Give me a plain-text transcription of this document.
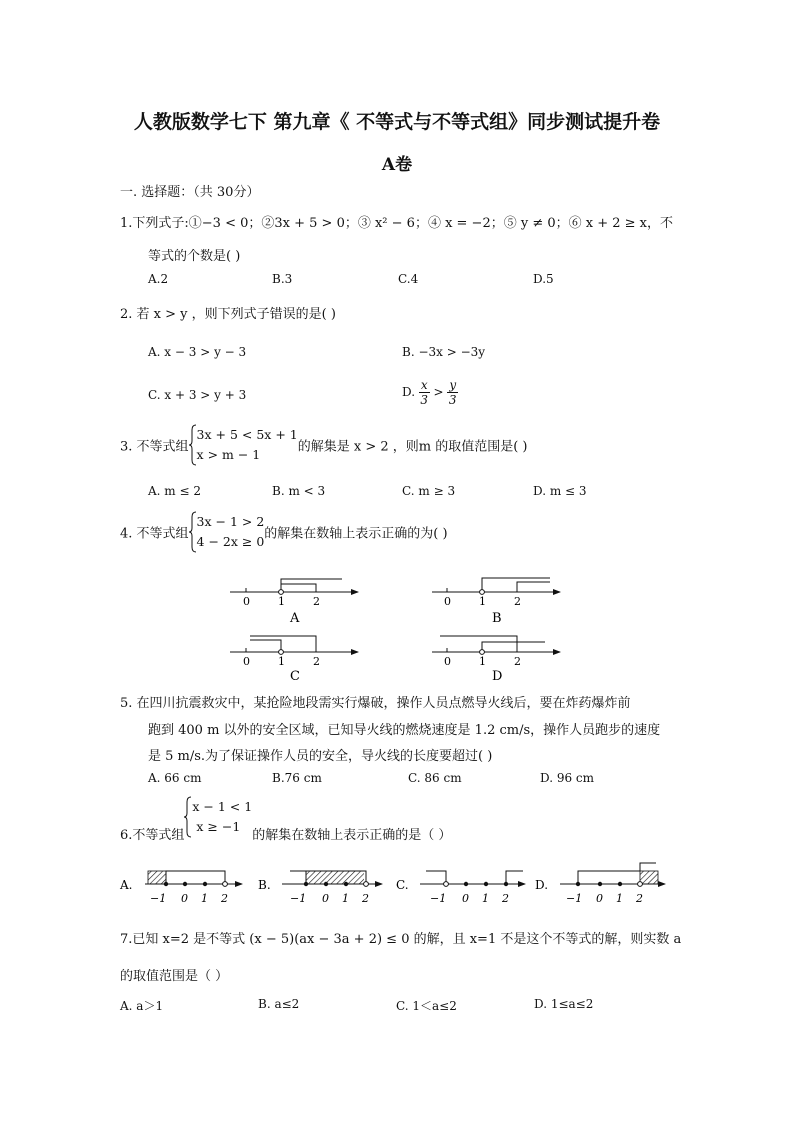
人教版数学七下 第九章《 不等式与不等式组》同步测试提升卷
A卷
一. 选择题：（共 30分）
1.下列式子:①−3 < 0；②3x + 5 > 0；③ x² − 6；④ x = −2；⑤ y ≠ 0；⑥ x + 2 ≥ x，不
等式的个数是( )
A.2	B.3	C.4	D.5
2. 若 x > y ，则下列式子错误的是( )
A. x − 3 > y − 3	B. −3x > −3y
C. x + 3 > y + 3	D. $\frac{x}{3} > \frac{y}{3}$
3. 不等式组
3x + 5 < 5x + 1
x > m − 1	的解集是 x > 2 ，则m 的取值范围是( )
A. m ≤ 2	B. m < 3	C. m ≥ 3	D. m ≤ 3
4. 不等式组
3x − 1 > 2
4 − 2x ≥ 0 的解集在数轴上表示正确的为( )
0	1	2
A
0	1	2
B
0	1	2
C
0	1	2
D
5. 在四川抗震救灾中，某抢险地段需实行爆破，操作人员点燃导火线后，要在炸药爆炸前
跑到 400 m 以外的安全区域，已知导火线的燃烧速度是 1.2 cm/s，操作人员跑步的速度
是 5 m/s.为了保证操作人员的安全，导火线的长度要超过( )
A. 66 cm	B.76 cm	C. 86 cm	D. 96 cm
6.不等式组
x − 1 < 1
x ≥ −1
的解集在数轴上表示正确的是（ ）
A.
−1 0 1 2
B.
−1 0 1 2
C.
−1 0 1 2
D.
−1 0 1 2
7.已知 x=2 是不等式 (x − 5)(ax − 3a + 2) ≤ 0 的解，且 x=1 不是这个不等式的解，则实数 a
的取值范围是（ ）
A. a＞1	B. a≤2	C. 1＜a≤2	D. 1≤a≤2
